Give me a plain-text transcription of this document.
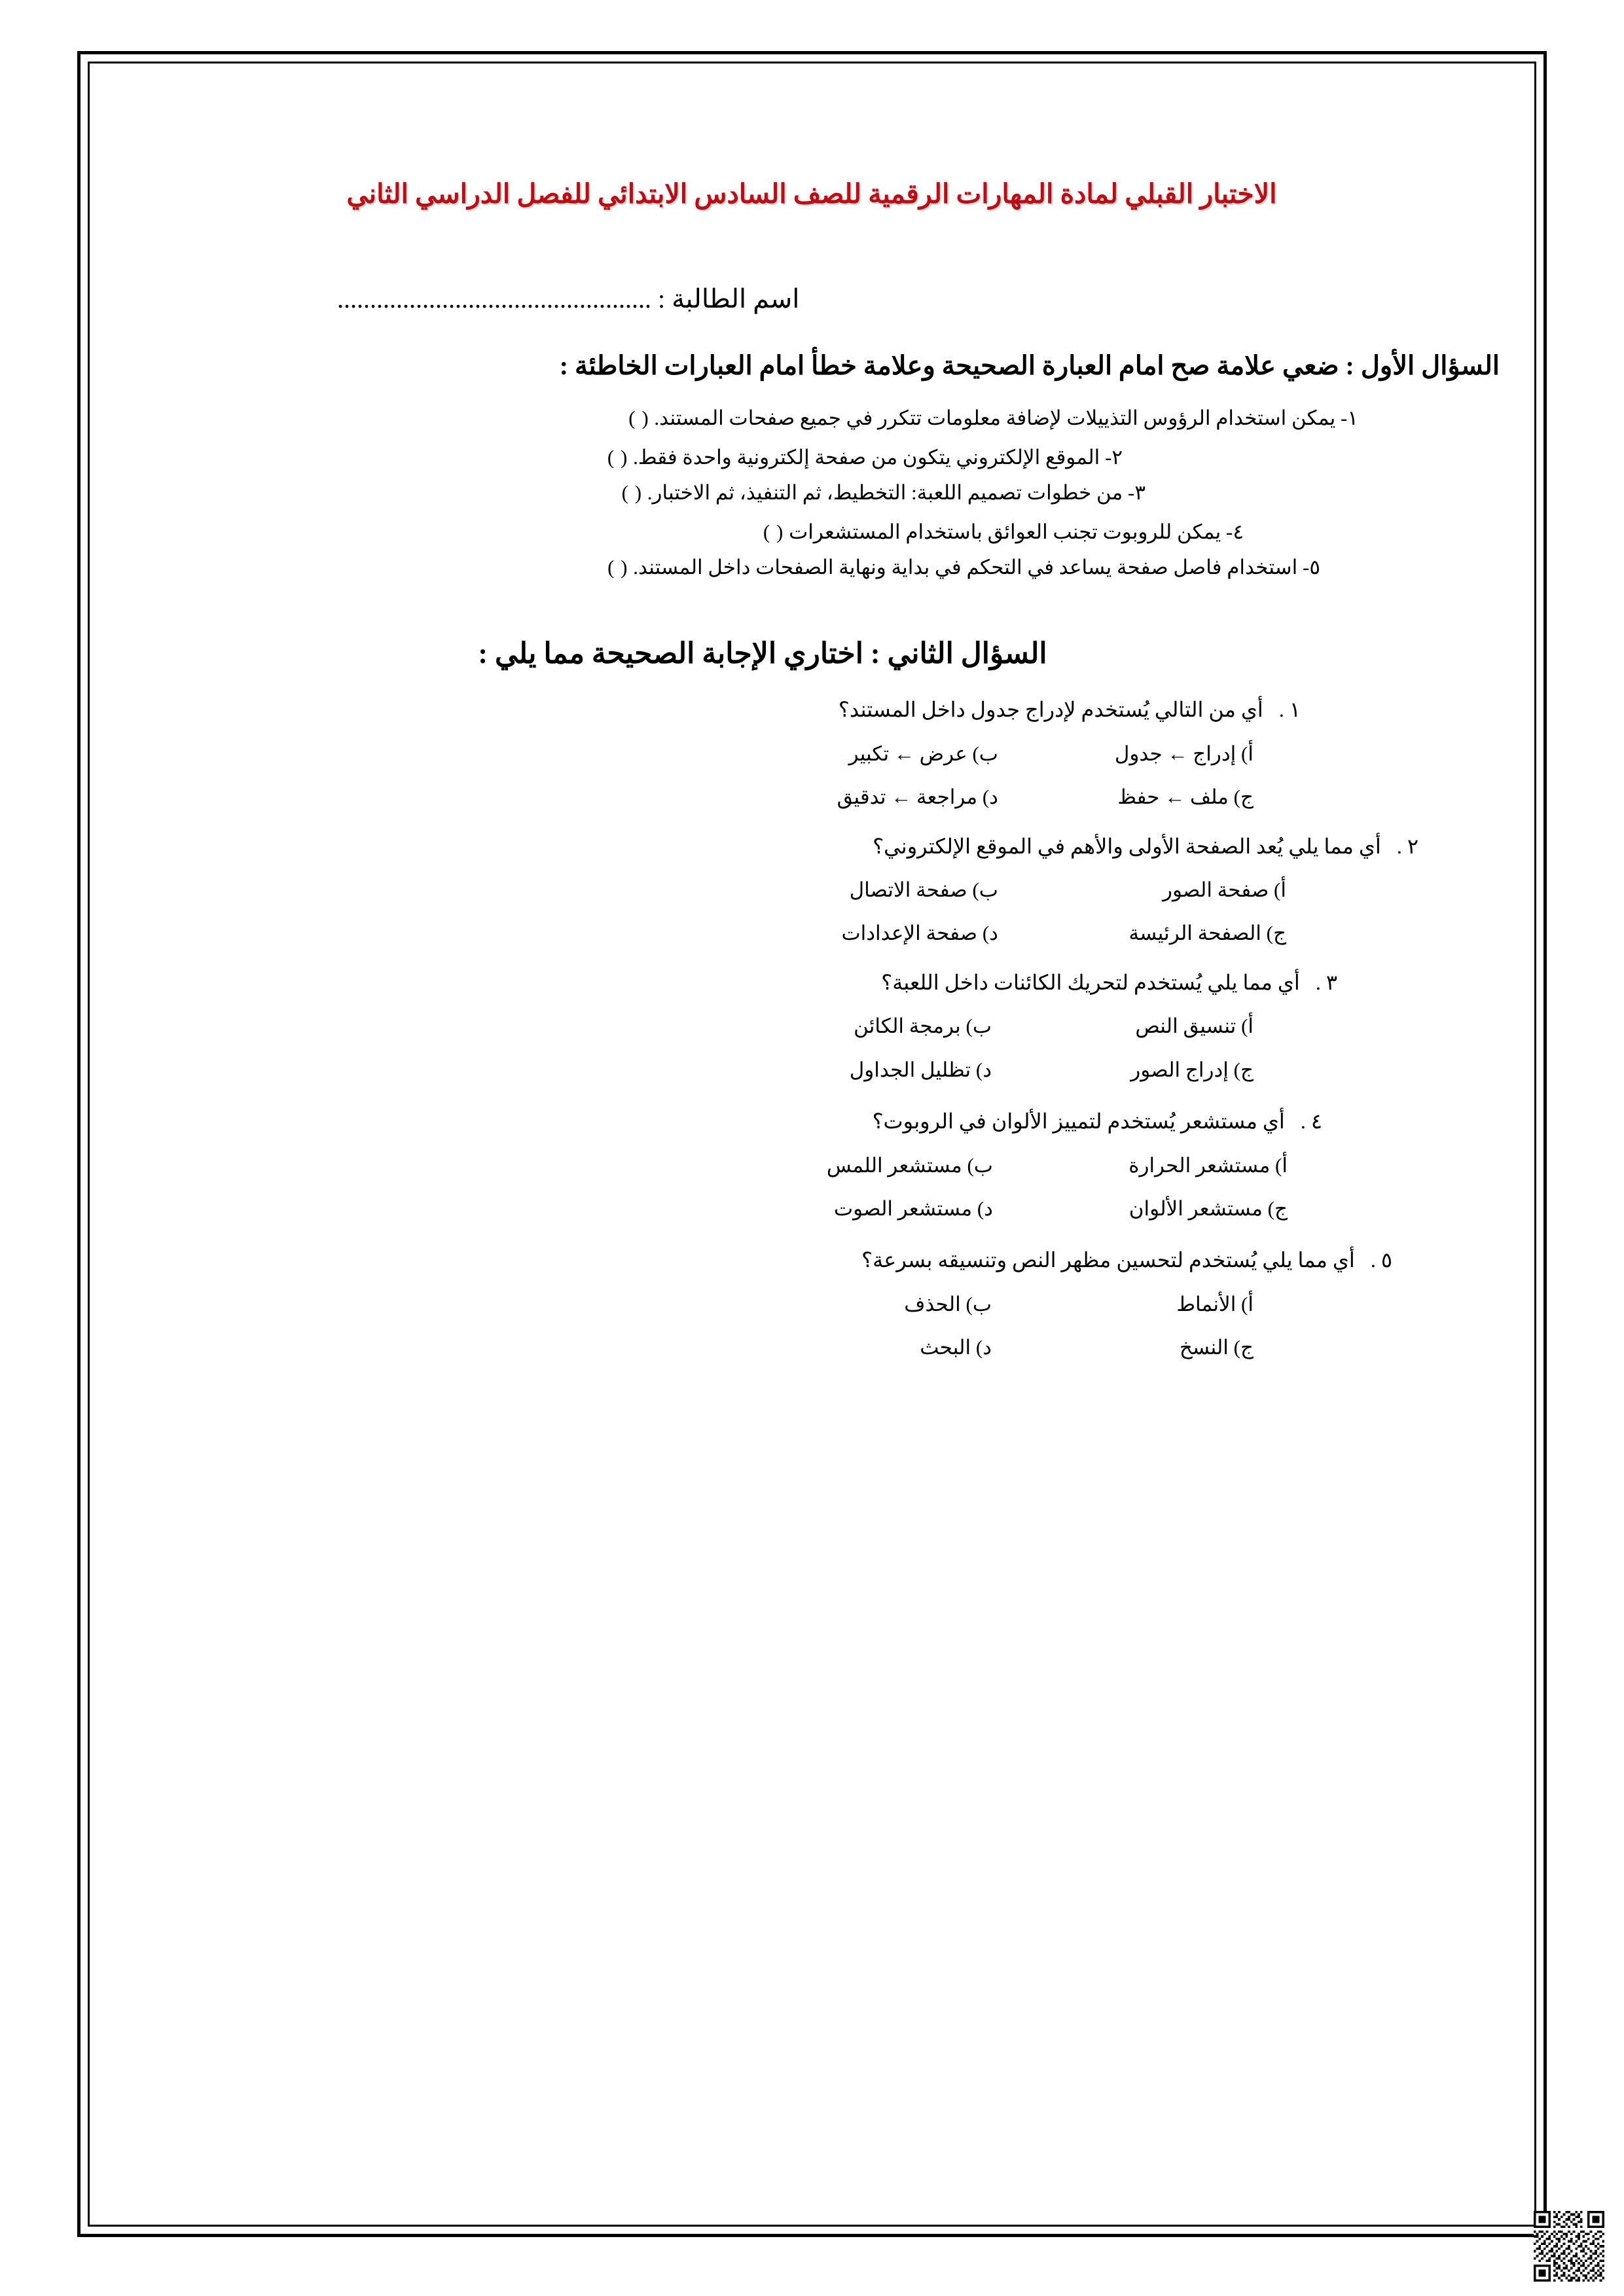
الاختبار القبلي لمادة المهارات الرقمية للصف السادس الابتدائي للفصل الدراسي الثاني
اسم الطالبة : ................................................
السؤال الأول : ضعي علامة صح امام العبارة الصحيحة وعلامة خطأ امام العبارات الخاطئة :
١- يمكن استخدام الرؤوس التذييلات لإضافة معلومات تتكرر في جميع صفحات المستند. ( )
٢- الموقع الإلكتروني يتكون من صفحة إلكترونية واحدة فقط. ( )
٣- من خطوات تصميم اللعبة: التخطيط، ثم التنفيذ، ثم الاختبار. ( )
٤- يمكن للروبوت تجنب العوائق باستخدام المستشعرات ( )
٥- استخدام فاصل صفحة يساعد في التحكم في بداية ونهاية الصفحات داخل المستند. ( )
السؤال الثاني : اختاري الإجابة الصحيحة مما يلي :
١ .أي من التالي يُستخدم لإدراج جدول داخل المستند؟
أ) إدراج ← جدول
ب) عرض ← تكبير
ج) ملف ← حفظ
د) مراجعة ← تدقيق
٢ .أي مما يلي يُعد الصفحة الأولى والأهم في الموقع الإلكتروني؟
أ) صفحة الصور
ب) صفحة الاتصال
ج) الصفحة الرئيسة
د) صفحة الإعدادات
٣ .أي مما يلي يُستخدم لتحريك الكائنات داخل اللعبة؟
أ) تنسيق النص
ب) برمجة الكائن
ج) إدراج الصور
د) تظليل الجداول
٤ .أي مستشعر يُستخدم لتمييز الألوان في الروبوت؟
أ) مستشعر الحرارة
ب) مستشعر اللمس
ج) مستشعر الألوان
د) مستشعر الصوت
٥ .أي مما يلي يُستخدم لتحسين مظهر النص وتنسيقه بسرعة؟
أ) الأنماط
ب) الحذف
ج) النسخ
د) البحث
